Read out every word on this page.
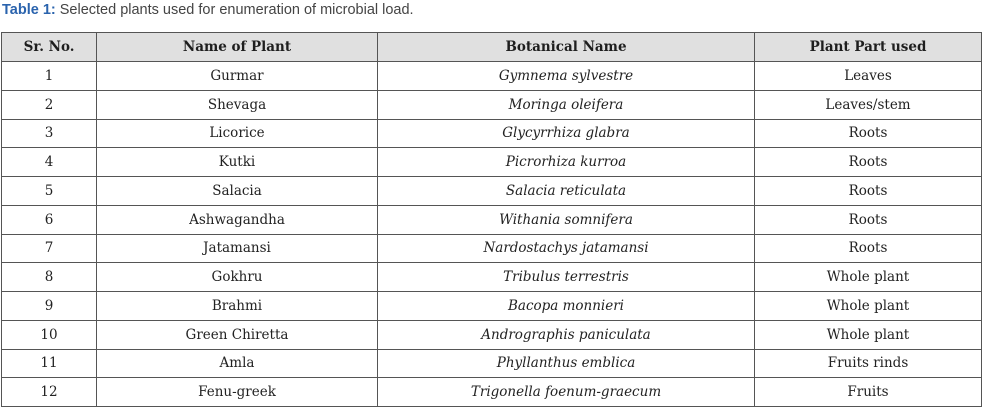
Table 1: Selected plants used for enumeration of microbial load.
Sr. No.	Name of Plant	Botanical Name	Plant Part used
1	Gurmar	Gymnema sylvestre	Leaves
2	Shevaga	Moringa oleifera	Leaves/stem
3	Licorice	Glycyrrhiza glabra	Roots
4	Kutki	Picrorhiza kurroa	Roots
5	Salacia	Salacia reticulata	Roots
6	Ashwagandha	Withania somnifera	Roots
7	Jatamansi	Nardostachys jatamansi	Roots
8	Gokhru	Tribulus terrestris	Whole plant
9	Brahmi	Bacopa monnieri	Whole plant
10	Green Chiretta	Andrographis paniculata	Whole plant
11	Amla	Phyllanthus emblica	Fruits rinds
12	Fenu-greek	Trigonella foenum-graecum	Fruits
